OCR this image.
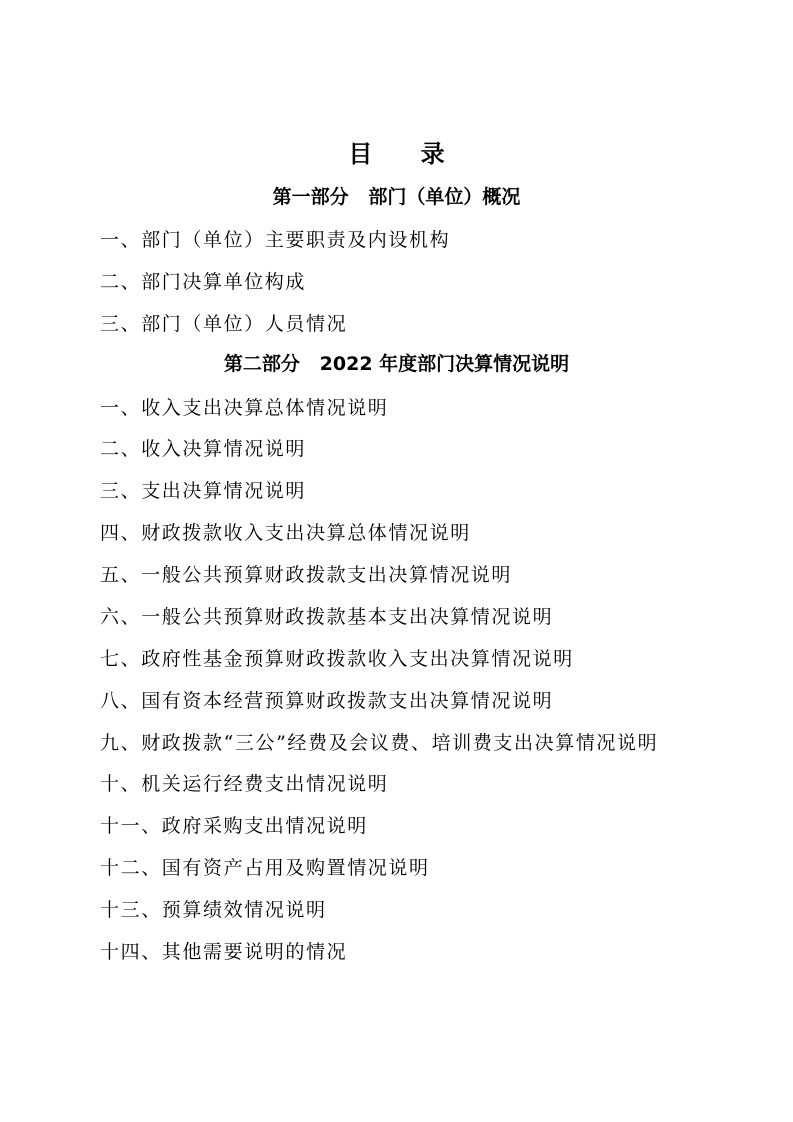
目 录
第一部分   部门（单位）概况
一、部门（单位）主要职责及内设机构
二、部门决算单位构成
三、部门（单位）人员情况
第二部分   2022 年度部门决算情况说明
一、收入支出决算总体情况说明
二、收入决算情况说明
三、支出决算情况说明
四、财政拨款收入支出决算总体情况说明
五、一般公共预算财政拨款支出决算情况说明
六、一般公共预算财政拨款基本支出决算情况说明
七、政府性基金预算财政拨款收入支出决算情况说明
八、国有资本经营预算财政拨款支出决算情况说明
九、财政拨款“三公”经费及会议费、培训费支出决算情况说明
十、机关运行经费支出情况说明
十一、政府采购支出情况说明
十二、国有资产占用及购置情况说明
十三、预算绩效情况说明
十四、其他需要说明的情况
